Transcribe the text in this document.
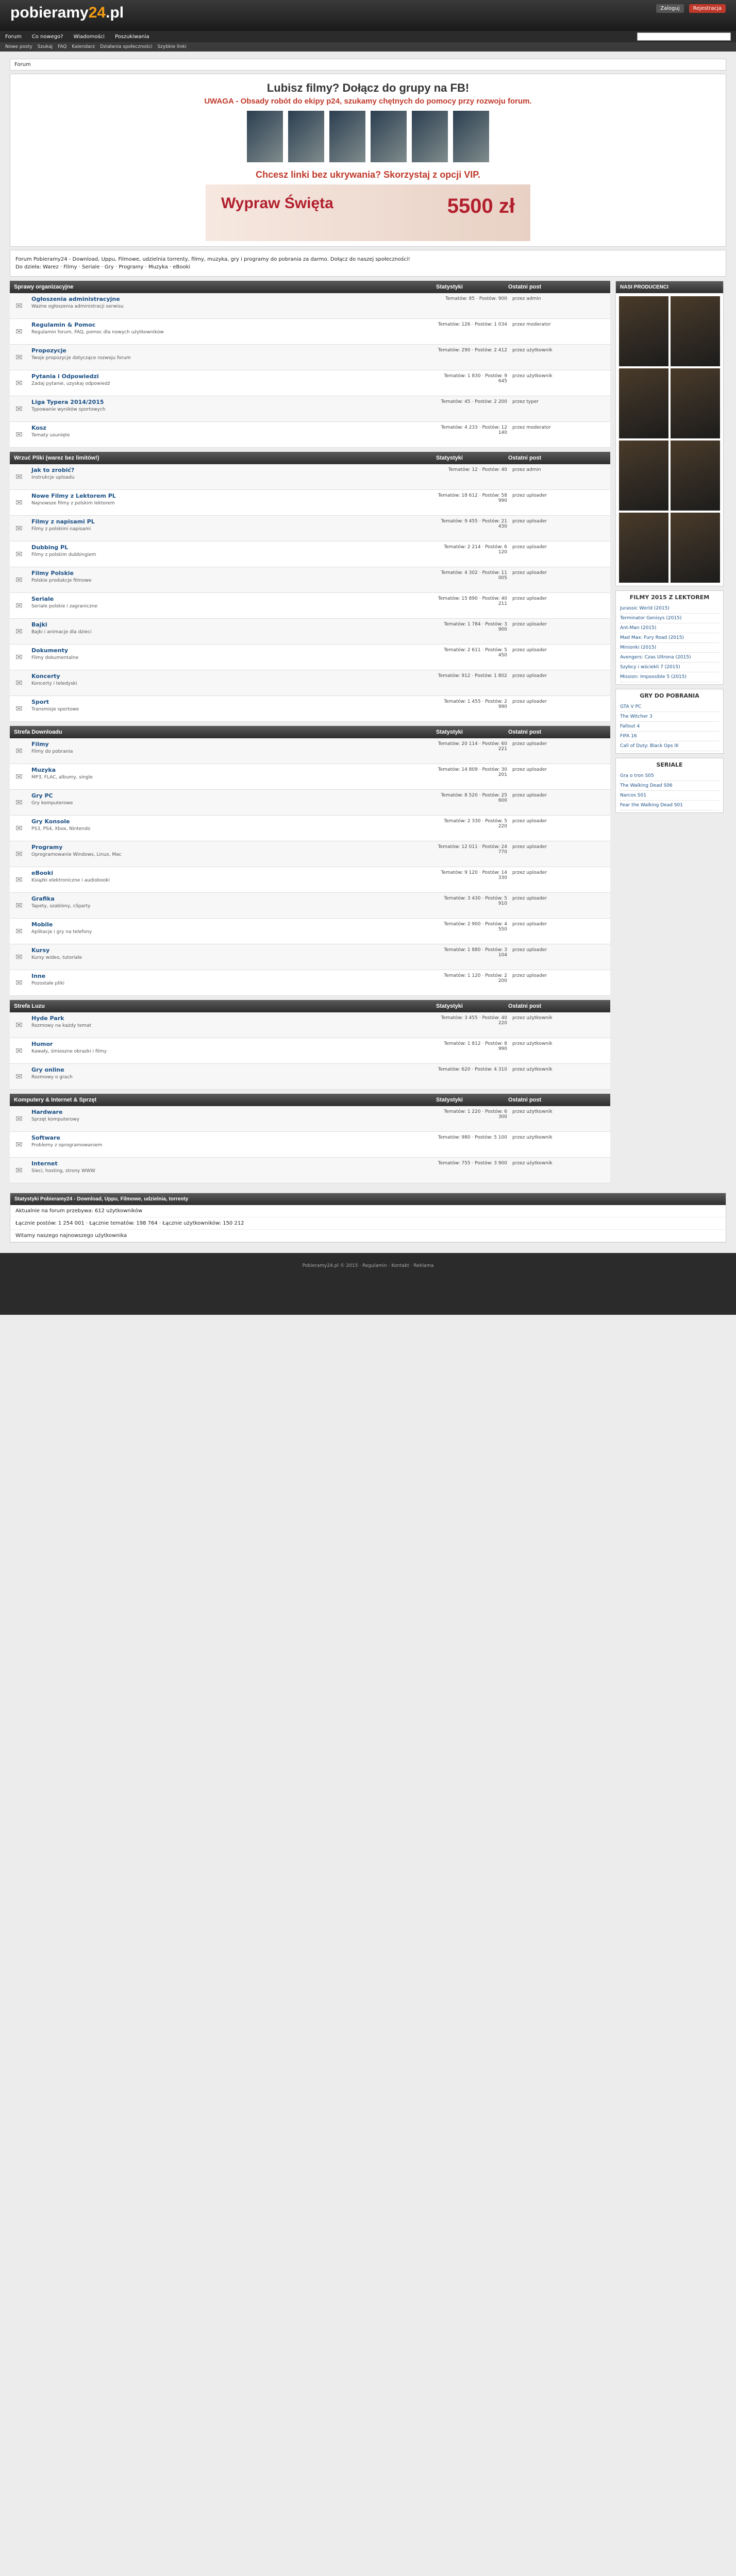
pobieramy24.pl	Zaloguj	Rejestracja
Forum Co nowego? Wiadomości Poszukiwania
Nowe posty Szukaj FAQ Kalendarz Działania społeczności Szybkie linki
Forum
Lubisz filmy? Dołącz do grupy na FB!
UWAGA - Obsady robót do ekipy p24, szukamy chętnych do pomocy przy rozwoju forum.
Chcesz linki bez ukrywania? Skorzystaj z opcji VIP.
Wypraw Święta	5500 zł
Forum Pobieramy24 - Download, Uppu, Filmowe, udzielnia torrenty, filmy, muzyka, gry i programy do pobrania za darmo. Dołącz do naszej społeczności!
Do dzieła: Warez · Filmy · Seriale · Gry · Programy · Muzyka · eBooki
Sprawy organizacyjne	Statystyki	Ostatni post
✉
Ogłoszenia administracyjne
Ważne ogłoszenia administracji serwisu
Tematów: 85 · Postów: 900	przez admin
✉
Regulamin & Pomoc
Regulamin forum, FAQ, pomoc dla nowych użytkowników
Tematów: 126 · Postów: 1 034	przez moderator
✉
Propozycje
Twoje propozycje dotyczące rozwoju forum
Tematów: 290 · Postów: 2 412	przez użytkownik
✉
Pytania i Odpowiedzi
Zadaj pytanie, uzyskaj odpowiedź
Tematów: 1 830 · Postów: 9 645
przez użytkownik
✉
Liga Typera 2014/2015
Typowanie wyników sportowych
Tematów: 45 · Postów: 2 200	przez typer
✉
Kosz
Tematy usunięte
Tematów: 4 233 · Postów: 12 140
przez moderator
Wrzuć Pliki (warez bez limitów!)	Statystyki	Ostatni post
✉
Jak to zrobić?
Instrukcje uploadu
Tematów: 12 · Postów: 40	przez admin
✉
Nowe Filmy z Lektorem PL
Najnowsze filmy z polskim lektorem
Tematów: 18 612 · Postów: 58 990
przez uploader
✉
Filmy z napisami PL
Filmy z polskimi napisami
Tematów: 9 455 · Postów: 21 430
przez uploader
✉
Dubbing PL
Filmy z polskim dubbingiem
Tematów: 2 214 · Postów: 6 120
przez uploader
✉
Filmy Polskie
Polskie produkcje filmowe
Tematów: 4 302 · Postów: 11 005
przez uploader
✉
Seriale
Seriale polskie i zagraniczne
Tematów: 15 890 · Postów: 40 211
przez uploader
✉
Bajki
Bajki i animacje dla dzieci
Tematów: 1 784 · Postów: 3 900
przez uploader
✉
Dokumenty
Filmy dokumentalne
Tematów: 2 611 · Postów: 5 450
przez uploader
✉
Koncerty
Koncerty i teledyski
Tematów: 912 · Postów: 1 802	przez uploader
✉
Sport
Transmisje sportowe
Tematów: 1 455 · Postów: 2 990
przez uploader
Strefa Downloadu	Statystyki	Ostatni post
✉
Filmy
Filmy do pobrania
Tematów: 20 114 · Postów: 60 221
przez uploader
✉
Muzyka
MP3, FLAC, albumy, single
Tematów: 14 809 · Postów: 30 201
przez uploader
✉
Gry PC
Gry komputerowe
Tematów: 8 520 · Postów: 25 600
przez uploader
✉
Gry Konsole
PS3, PS4, Xbox, Nintendo
Tematów: 2 330 · Postów: 5 220
przez uploader
✉
Programy
Oprogramowanie Windows, Linux, Mac
Tematów: 12 011 · Postów: 24 770
przez uploader
✉
eBooki
Książki elektroniczne i audiobooki
Tematów: 9 120 · Postów: 14 330
przez uploader
✉
Grafika
Tapety, szablony, cliparty
Tematów: 3 430 · Postów: 5 910
przez uploader
✉
Mobile
Aplikacje i gry na telefony
Tematów: 2 900 · Postów: 4 550
przez uploader
✉
Kursy
Kursy wideo, tutoriale
Tematów: 1 880 · Postów: 3 104
przez uploader
✉
Inne
Pozostałe pliki
Tematów: 1 120 · Postów: 2 200
przez uploader
Strefa Luzu	Statystyki	Ostatni post
✉
Hyde Park
Rozmowy na każdy temat
Tematów: 3 455 · Postów: 40 220
przez użytkownik
✉
Humor
Kawały, śmieszne obrazki i filmy
Tematów: 1 812 · Postów: 8 990
przez użytkownik
✉
Gry online
Rozmowy o grach
Tematów: 620 · Postów: 4 310	przez użytkownik
Komputery & Internet & Sprzęt	Statystyki	Ostatni post
✉
Hardware
Sprzęt komputerowy
Tematów: 1 220 · Postów: 6 300
przez użytkownik
✉
Software
Problemy z oprogramowaniem
Tematów: 980 · Postów: 5 100	przez użytkownik
✉
Internet
Sieci, hosting, strony WWW
Tematów: 755 · Postów: 3 900	przez użytkownik
NASI PRODUCENCI
FILMY 2015 Z LEKTOREM
Jurassic World (2015)
Terminator Genisys (2015)
Ant-Man (2015)
Mad Max: Fury Road (2015)
Minionki (2015)
Avengers: Czas Ultrona (2015)
Szybcy i wściekli 7 (2015)
Mission: Impossible 5 (2015)
GRY DO POBRANIA
GTA V PC
The Witcher 3
Fallout 4
FIFA 16
Call of Duty: Black Ops III
SERIALE
Gra o tron S05
The Walking Dead S06
Narcos S01
Fear the Walking Dead S01
Statystyki Pobieramy24 - Download, Uppu, Filmowe, udzielnia, torrenty
Aktualnie na forum przebywa: 612 użytkowników
Łącznie postów: 1 254 001 · Łącznie tematów: 198 764 · Łącznie użytkowników: 150 212
Witamy naszego najnowszego użytkownika
Pobieramy24.pl © 2015 · Regulamin · Kontakt · Reklama
